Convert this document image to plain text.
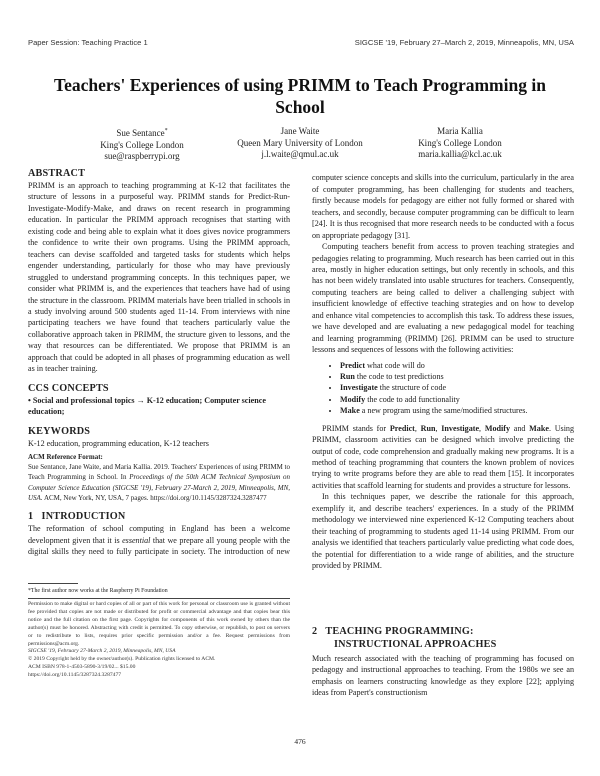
Paper Session: Teaching Practice 1	SIGCSE '19, February 27–March 2, 2019, Minneapolis, MN, USA
Teachers' Experiences of using PRIMM to Teach Programming in School
Sue Sentance*
King's College London
sue@raspberrypi.org
Jane Waite
Queen Mary University of London
j.l.waite@qmul.ac.uk
Maria Kallia
King's College London
maria.kallia@kcl.ac.uk
ABSTRACT

PRIMM is an approach to teaching programming at K-12 that facilitates the structure of lessons in a purposeful way. PRIMM stands for Predict-Run-Investigate-Modify-Make, and draws on recent research in programming education. In particular the PRIMM approach recognises that starting with existing code and being able to explain what it does gives novice programmers the confidence to write their own programs. Using the PRIMM approach, teachers can devise scaffolded and targeted tasks for students which helps engender understanding, particularly for those who may have previously struggled to understand programming concepts. In this techniques paper, we consider what PRIMM is, and the experiences that teachers have had of using the structure in the classroom. PRIMM materials have been trialled in schools in a study involving around 500 students aged 11-14. From interviews with nine participating teachers we have found that teachers particularly value the collaborative approach taken in PRIMM, the structure given to lessons, and the way that resources can be differentiated. We propose that PRIMM is an approach that could be adopted in all phases of programming education as well as in teacher training.

CCS CONCEPTS

• Social and professional topics → K-12 education; Computer science education;

KEYWORDS

K-12 education, programming education, K-12 teachers

ACM Reference Format:

Sue Sentance, Jane Waite, and Maria Kallia. 2019. Teachers' Experiences of using PRIMM to Teach Programming in School. In Proceedings of the 50th ACM Technical Symposium on Computer Science Education (SIGCSE '19), February 27-March 2, 2019, Minneapolis, MN, USA. ACM, New York, NY, USA, 7 pages. https://doi.org/10.1145/3287324.3287477

1   INTRODUCTION

The reformation of school computing in England has been a welcome development given that it is essential that we prepare all young people with the digital skills they need to fully participate in society. The introduction of new

*The first author now works at the Raspberry Pi Foundation

Permission to make digital or hard copies of all or part of this work for personal or classroom use is granted without fee provided that copies are not made or distributed for profit or commercial advantage and that copies bear this notice and the full citation on the first page. Copyrights for components of this work owned by others than the author(s) must be honored. Abstracting with credit is permitted. To copy otherwise, or republish, to post on servers or to redistribute to lists, requires prior specific permission and/or a fee. Request permissions from permissions@acm.org.

SIGCSE '19, February 27-March 2, 2019, Minneapolis, MN, USA

© 2019 Copyright held by the owner/author(s). Publication rights licensed to ACM.

ACM ISBN 978-1-4503-5890-3/19/02... $15.00

https://doi.org/10.1145/3287324.3287477

computer science concepts and skills into the curriculum, particularly in the area of computer programming, has been challenging for students and teachers, firstly because models for pedagogy are either not fully formed or shared with teachers, and secondly, because computer programming can be difficult to learn [24]. It is thus recognised that more research needs to be conducted with a focus on appropriate pedagogy [31].

Computing teachers benefit from access to proven teaching strategies and pedagogies relating to programming. Much research has been carried out in this area, mostly in higher education settings, but only recently in schools, and this has not been widely translated into usable structures for teachers. Consequently, computing teachers are being called to deliver a challenging subject with insufficient knowledge of effective teaching strategies and on how to develop and enhance vital competencies to accomplish this task. To address these issues, we have developed and are evaluating a new pedagogical model for teaching and learning programming (PRIMM) [26]. PRIMM can be used to structure lessons and sequences of lessons with the following activities:

• Predict what code will do
• Run the code to test predictions
• Investigate the structure of code
• Modify the code to add functionality
• Make a new program using the same/modified structures.

PRIMM stands for Predict, Run, Investigate, Modify and Make. Using PRIMM, classroom activities can be designed which involve predicting the output of code, code comprehension and gradually making new programs. It is a method of teaching programming that counters the known problem of novices trying to write programs before they are able to read them [15]. It incorporates activities that scaffold learning for students and provides a structure for lessons.

In this techniques paper, we describe the rationale for this approach, exemplify it, and describe teachers' experiences. In a study of the PRIMM methodology we interviewed nine experienced K-12 Computing teachers about their teaching of programming to students aged 11-14 using PRIMM. From our analysis we identified that teachers particularly value predicting what code does, the potential for differentiation to a wide range of abilities, and the structure provided by PRIMM.

2   TEACHING PROGRAMMING:
INSTRUCTIONAL APPROACHES

Much research associated with the teaching of programming has focused on pedagogy and instructional approaches to teaching. From the 1980s we see an emphasis on learners constructing knowledge as they explore [22]; applying ideas from Papert's constructionism

476
